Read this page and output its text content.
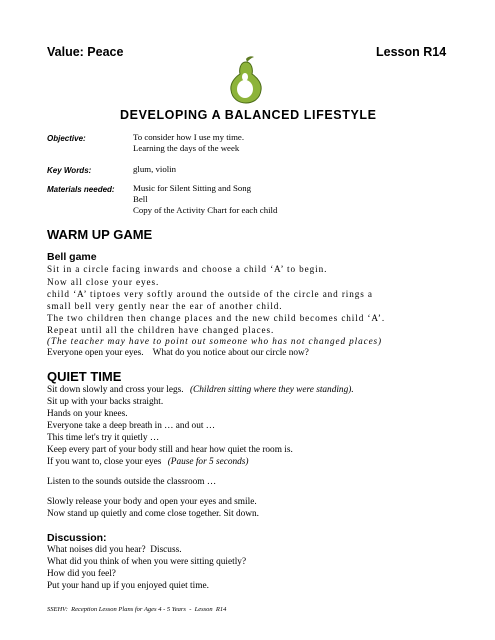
Value: Peace	Lesson R14
DEVELOPING A BALANCED LIFESTYLE
Objective:	To consider how I use my time.
Learning the days of the week
Key Words:	glum, violin
Materials needed: Music for Silent Sitting and Song
Bell
Copy of the Activity Chart for each child
WARM UP GAME
Bell game
Sit in a circle facing inwards and choose a child ‘A’ to begin.
Now all close your eyes.
child ‘A’ tiptoes very softly around the outside of the circle and rings a
small bell very gently near the ear of another child.
The two children then change places and the new child becomes child ‘A’.
Repeat until all the children have changed places.
(The teacher may have to point out someone who has not changed places)
Everyone open your eyes.    What do you notice about our circle now?
QUIET TIME
Sit down slowly and cross your legs. (Children sitting where they were standing).
Sit up with your backs straight.
Hands on your knees.
Everyone take a deep breath in … and out …
This time let's try it quietly …
Keep every part of your body still and hear how quiet the room is.
If you want to, close your eyes (Pause for 5 seconds)
Listen to the sounds outside the classroom …
Slowly release your body and open your eyes and smile.
Now stand up quietly and come close together. Sit down.
Discussion:
What noises did you hear?  Discuss.
What did you think of when you were sitting quietly?
How did you feel?
Put your hand up if you enjoyed quiet time.
SSEHV:  Reception Lesson Plans for Ages 4 - 5 Years  -  Lesson  R14
